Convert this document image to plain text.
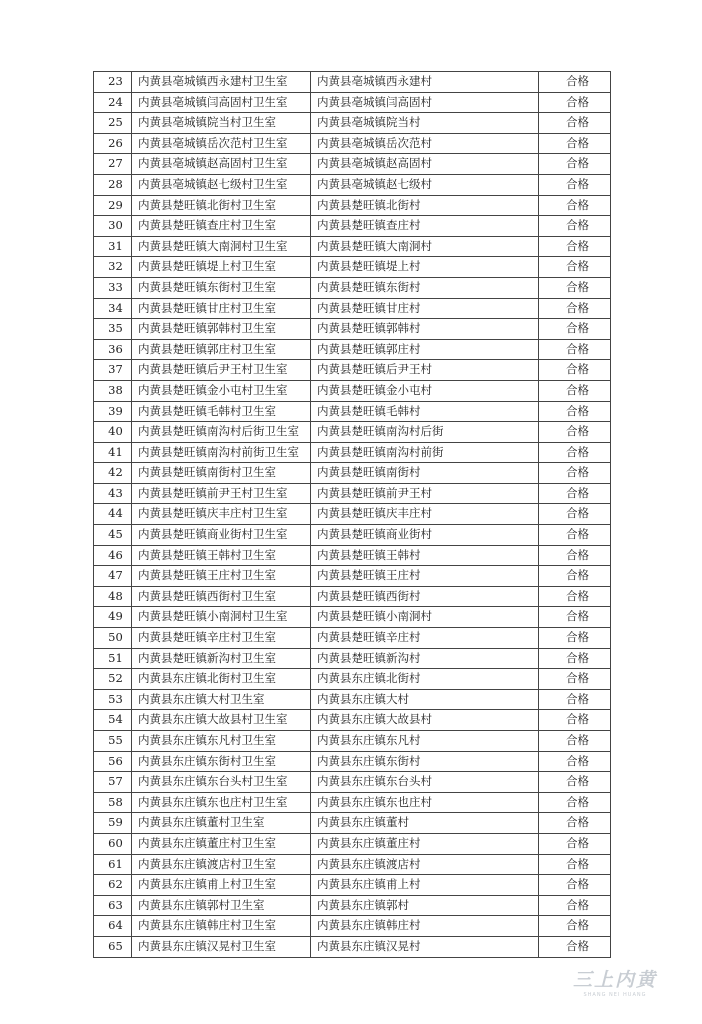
23	内黄县亳城镇西永建村卫生室	内黄县亳城镇西永建村	合格
24	内黄县亳城镇闫高固村卫生室	内黄县亳城镇闫高固村	合格
25	内黄县亳城镇院当村卫生室	内黄县亳城镇院当村	合格
26	内黄县亳城镇岳次范村卫生室	内黄县亳城镇岳次范村	合格
27	内黄县亳城镇赵高固村卫生室	内黄县亳城镇赵高固村	合格
28	内黄县亳城镇赵七级村卫生室	内黄县亳城镇赵七级村	合格
29	内黄县楚旺镇北街村卫生室	内黄县楚旺镇北街村	合格
30	内黄县楚旺镇查庄村卫生室	内黄县楚旺镇查庄村	合格
31	内黄县楚旺镇大南洞村卫生室	内黄县楚旺镇大南洞村	合格
32	内黄县楚旺镇堤上村卫生室	内黄县楚旺镇堤上村	合格
33	内黄县楚旺镇东街村卫生室	内黄县楚旺镇东街村	合格
34	内黄县楚旺镇甘庄村卫生室	内黄县楚旺镇甘庄村	合格
35	内黄县楚旺镇郭韩村卫生室	内黄县楚旺镇郭韩村	合格
36	内黄县楚旺镇郭庄村卫生室	内黄县楚旺镇郭庄村	合格
37	内黄县楚旺镇后尹王村卫生室	内黄县楚旺镇后尹王村	合格
38	内黄县楚旺镇金小屯村卫生室	内黄县楚旺镇金小屯村	合格
39	内黄县楚旺镇毛韩村卫生室	内黄县楚旺镇毛韩村	合格
40	内黄县楚旺镇南沟村后街卫生室	内黄县楚旺镇南沟村后街	合格
41	内黄县楚旺镇南沟村前街卫生室	内黄县楚旺镇南沟村前街	合格
42	内黄县楚旺镇南街村卫生室	内黄县楚旺镇南街村	合格
43	内黄县楚旺镇前尹王村卫生室	内黄县楚旺镇前尹王村	合格
44	内黄县楚旺镇庆丰庄村卫生室	内黄县楚旺镇庆丰庄村	合格
45	内黄县楚旺镇商业街村卫生室	内黄县楚旺镇商业街村	合格
46	内黄县楚旺镇王韩村卫生室	内黄县楚旺镇王韩村	合格
47	内黄县楚旺镇王庄村卫生室	内黄县楚旺镇王庄村	合格
48	内黄县楚旺镇西街村卫生室	内黄县楚旺镇西街村	合格
49	内黄县楚旺镇小南洞村卫生室	内黄县楚旺镇小南洞村	合格
50	内黄县楚旺镇辛庄村卫生室	内黄县楚旺镇辛庄村	合格
51	内黄县楚旺镇新沟村卫生室	内黄县楚旺镇新沟村	合格
52	内黄县东庄镇北街村卫生室	内黄县东庄镇北街村	合格
53	内黄县东庄镇大村卫生室	内黄县东庄镇大村	合格
54	内黄县东庄镇大故县村卫生室	内黄县东庄镇大故县村	合格
55	内黄县东庄镇东凡村卫生室	内黄县东庄镇东凡村	合格
56	内黄县东庄镇东街村卫生室	内黄县东庄镇东街村	合格
57	内黄县东庄镇东台头村卫生室	内黄县东庄镇东台头村	合格
58	内黄县东庄镇东也庄村卫生室	内黄县东庄镇东也庄村	合格
59	内黄县东庄镇董村卫生室	内黄县东庄镇董村	合格
60	内黄县东庄镇董庄村卫生室	内黄县东庄镇董庄村	合格
61	内黄县东庄镇渡店村卫生室	内黄县东庄镇渡店村	合格
62	内黄县东庄镇甫上村卫生室	内黄县东庄镇甫上村	合格
63	内黄县东庄镇郭村卫生室	内黄县东庄镇郭村	合格
64	内黄县东庄镇韩庄村卫生室	内黄县东庄镇韩庄村	合格
65	内黄县东庄镇汉晃村卫生室	内黄县东庄镇汉晃村	合格
三上内黄
SHANG NEI HUANG
